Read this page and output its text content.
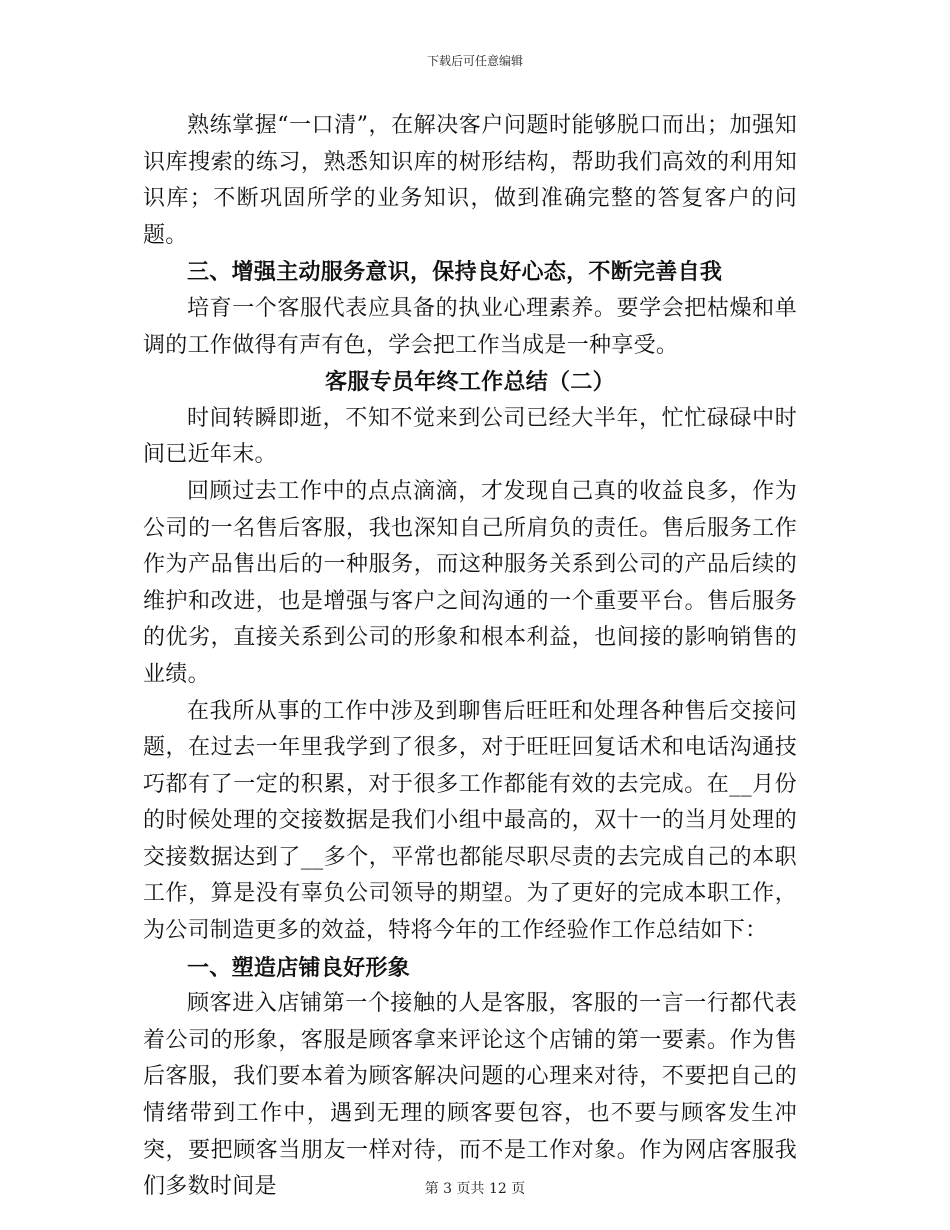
下载后可任意编辑

熟练掌握“一口清”，在解决客户问题时能够脱口而出；加强知识库搜索的练习，熟悉知识库的树形结构，帮助我们高效的利用知识库；不断巩固所学的业务知识，做到准确完整的答复客户的问题。

三、增强主动服务意识，保持良好心态，不断完善自我

培育一个客服代表应具备的执业心理素养。要学会把枯燥和单调的工作做得有声有色，学会把工作当成是一种享受。

客服专员年终工作总结（二）

时间转瞬即逝，不知不觉来到公司已经大半年，忙忙碌碌中时间已近年末。

回顾过去工作中的点点滴滴，才发现自己真的收益良多，作为公司的一名售后客服，我也深知自己所肩负的责任。售后服务工作作为产品售出后的一种服务，而这种服务关系到公司的产品后续的维护和改进，也是增强与客户之间沟通的一个重要平台。售后服务的优劣，直接关系到公司的形象和根本利益，也间接的影响销售的业绩。

在我所从事的工作中涉及到聊售后旺旺和处理各种售后交接问题，在过去一年里我学到了很多，对于旺旺回复话术和电话沟通技巧都有了一定的积累，对于很多工作都能有效的去完成。在__月份的时候处理的交接数据是我们小组中最高的，双十一的当月处理的交接数据达到了__多个，平常也都能尽职尽责的去完成自己的本职工作，算是没有辜负公司领导的期望。为了更好的完成本职工作，为公司制造更多的效益，特将今年的工作经验作工作总结如下：

一、塑造店铺良好形象

顾客进入店铺第一个接触的人是客服，客服的一言一行都代表着公司的形象，客服是顾客拿来评论这个店铺的第一要素。作为售后客服，我们要本着为顾客解决问题的心理来对待，不要把自己的情绪带到工作中，遇到无理的顾客要包容，也不要与顾客发生冲突，要把顾客当朋友一样对待，而不是工作对象。作为网店客服我们多数时间是	第 3 页共 12 页
